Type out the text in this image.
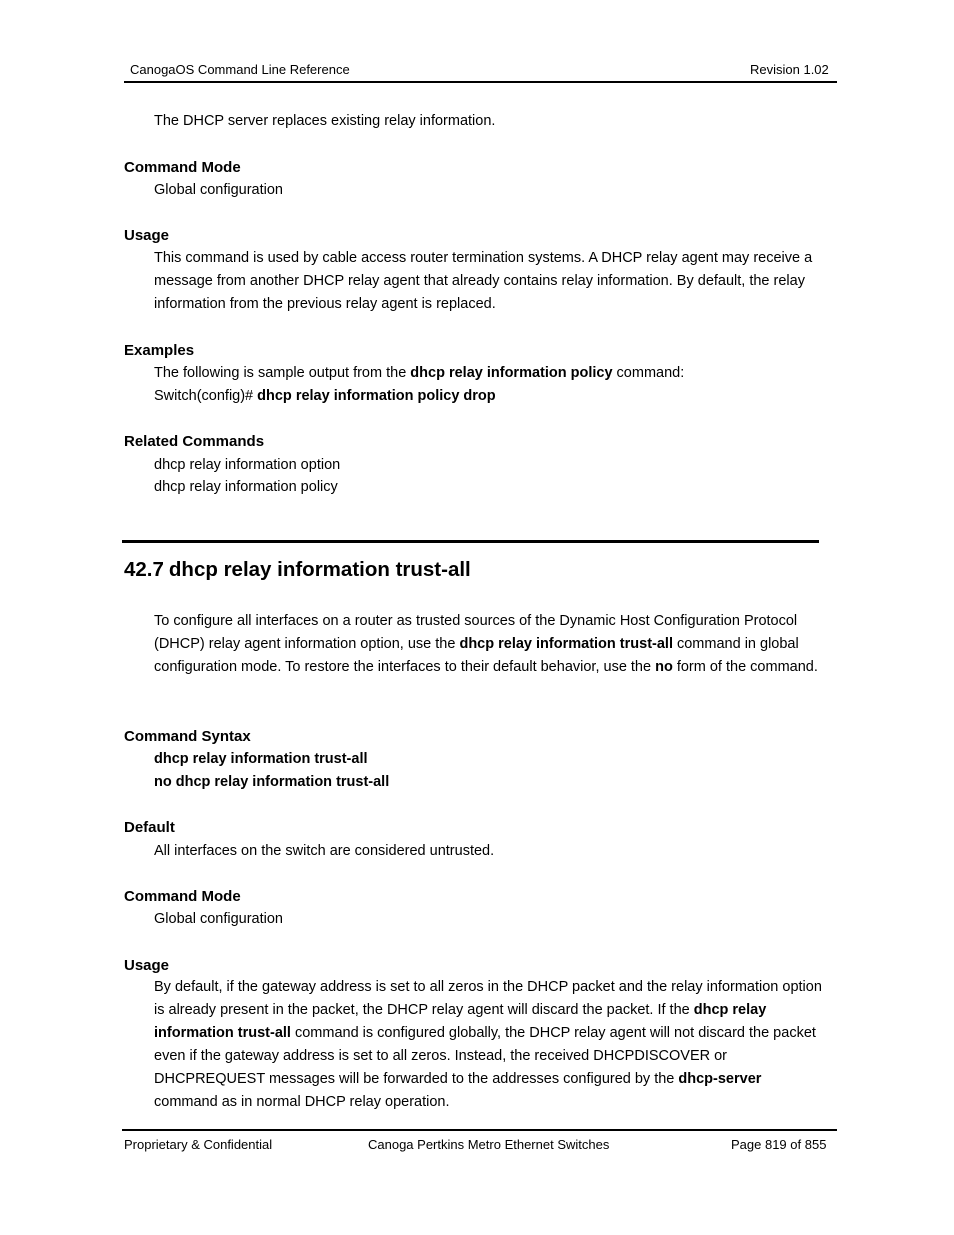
CanogaOS Command Line Reference	Revision 1.02
The DHCP server replaces existing relay information.
Command Mode
Global configuration
Usage
This command is used by cable access router termination systems. A DHCP relay agent may receive a message from another DHCP relay agent that already contains relay information. By default, the relay information from the previous relay agent is replaced.
Examples
The following is sample output from the dhcp relay information policy command:
Switch(config)# dhcp relay information policy drop
Related Commands
dhcp relay information option
dhcp relay information policy
42.7 dhcp relay information trust-all
To configure all interfaces on a router as trusted sources of the Dynamic Host Configuration Protocol (DHCP) relay agent information option, use the dhcp relay information trust-all command in global configuration mode. To restore the interfaces to their default behavior, use the no form of the command.
Command Syntax
dhcp relay information trust-all
no dhcp relay information trust-all
Default
All interfaces on the switch are considered untrusted.
Command Mode
Global configuration
Usage
By default, if the gateway address is set to all zeros in the DHCP packet and the relay information option is already present in the packet, the DHCP relay agent will discard the packet. If the dhcp relay information trust-all command is configured globally, the DHCP relay agent will not discard the packet even if the gateway address is set to all zeros. Instead, the received DHCPDISCOVER or DHCPREQUEST messages will be forwarded to the addresses configured by the dhcp-server command as in normal DHCP relay operation.
Proprietary & Confidential	Canoga Pertkins Metro Ethernet Switches	Page 819 of 855
